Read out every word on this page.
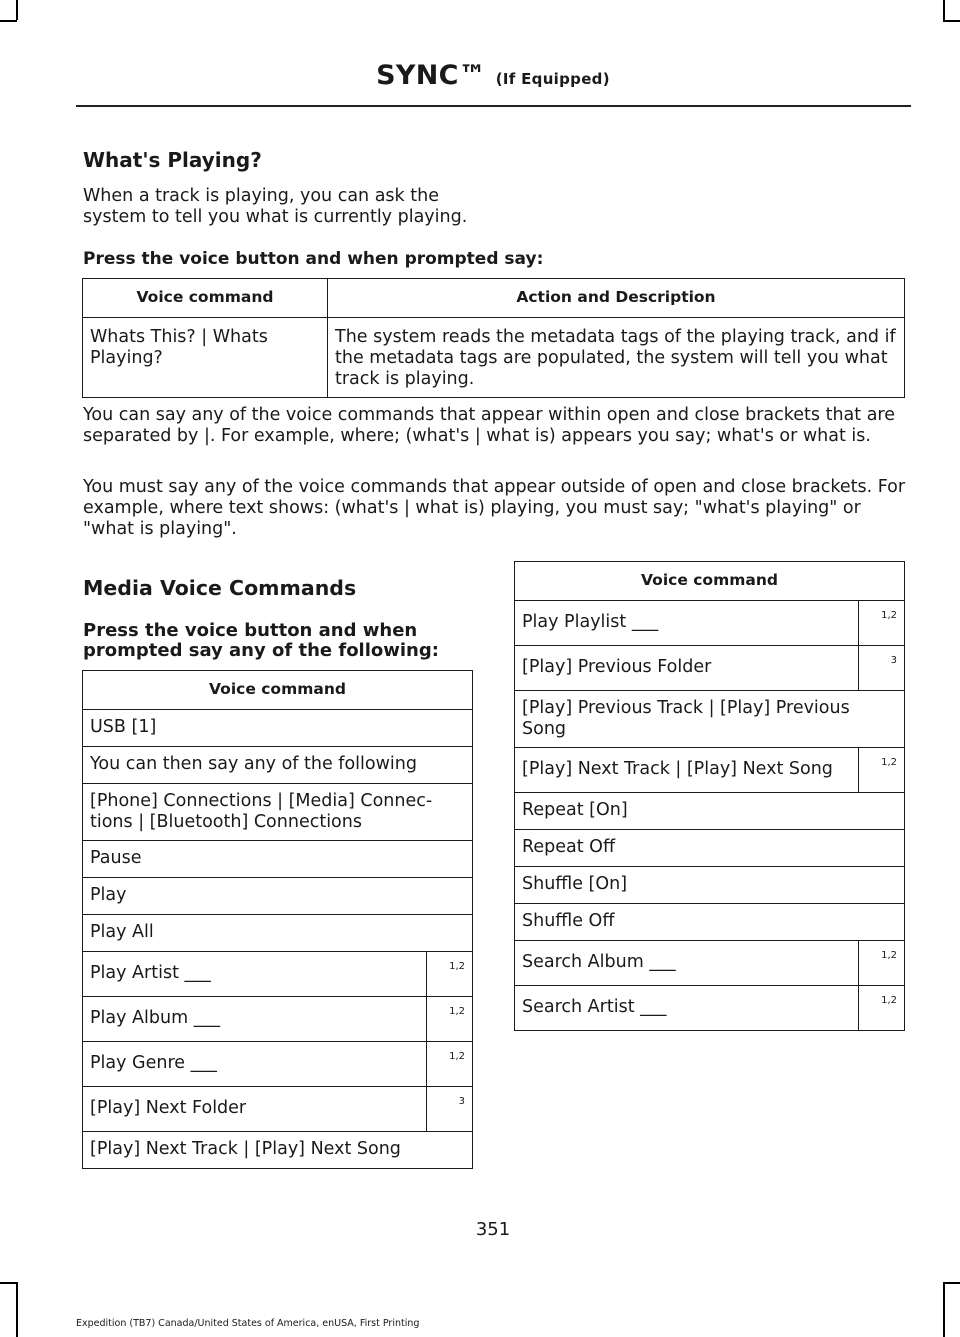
SYNC™ (If Equipped)
What's Playing?

When a track is playing, you can ask the

system to tell you what is currently playing.

Press the voice button and when prompted say:

Voice command	Action and Description
Whats This? | Whats Playing?	The system reads the metadata tags of the playing track, and if the metadata tags are populated, the system will tell you what track is playing.

You can say any of the voice commands that appear within open and close brackets that are separated by |. For example, where; (what's | what is) appears you say; what's or what is.

You must say any of the voice commands that appear outside of open and close brackets. For example, where text shows: (what's | what is) playing, you must say; "what's playing" or "what is playing".

Media Voice Commands

Press the voice button and when

prompted say any of the following:

Voice command	
USB [1]	
You can then say any of the following	
[Phone] Connections | [Media] Connec-tions | [Bluetooth] Connections	
Pause	
Play	
Play All	
Play Artist ___	1,2
Play Album ___	1,2
Play Genre ___	1,2
[Play] Next Folder	3
[Play] Next Track | [Play] Next Song	
Voice command	
Play Playlist ___	1,2
[Play] Previous Folder	3
[Play] Previous Track | [Play] Previous Song	
[Play] Next Track | [Play] Next Song	1,2
Repeat [On]	
Repeat Off	
Shuffle [On]	
Shuffle Off	
Search Album ___	1,2
Search Artist ___	1,2
351
Expedition (TB7) Canada/United States of America, enUSA, First Printing
